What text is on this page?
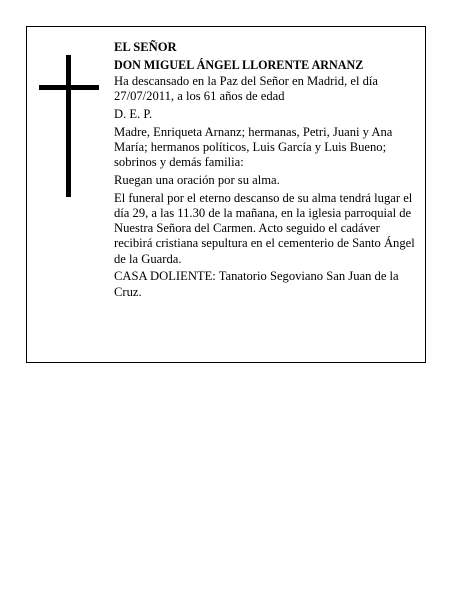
EL SEÑOR

DON MIGUEL ÁNGEL LLORENTE ARNANZ

Ha descansado en la Paz del Señor en Madrid, el día 27/07/2011, a los 61 años de edad

D. E. P.

Madre, Enriqueta Arnanz; hermanas, Petri, Juani y Ana María; hermanos políticos, Luis García y Luis Bueno; sobrinos y demás familia:

Ruegan una oración por su alma.

El funeral por el eterno descanso de su alma tendrá lugar el día 29, a las 11.30 de la mañana, en la iglesia parroquial de Nuestra Señora del Carmen. Acto seguido el cadáver recibirá cristiana sepultura en el cementerio de Santo Ángel de la Guarda.

CASA DOLIENTE: Tanatorio Segoviano San Juan de la Cruz.
